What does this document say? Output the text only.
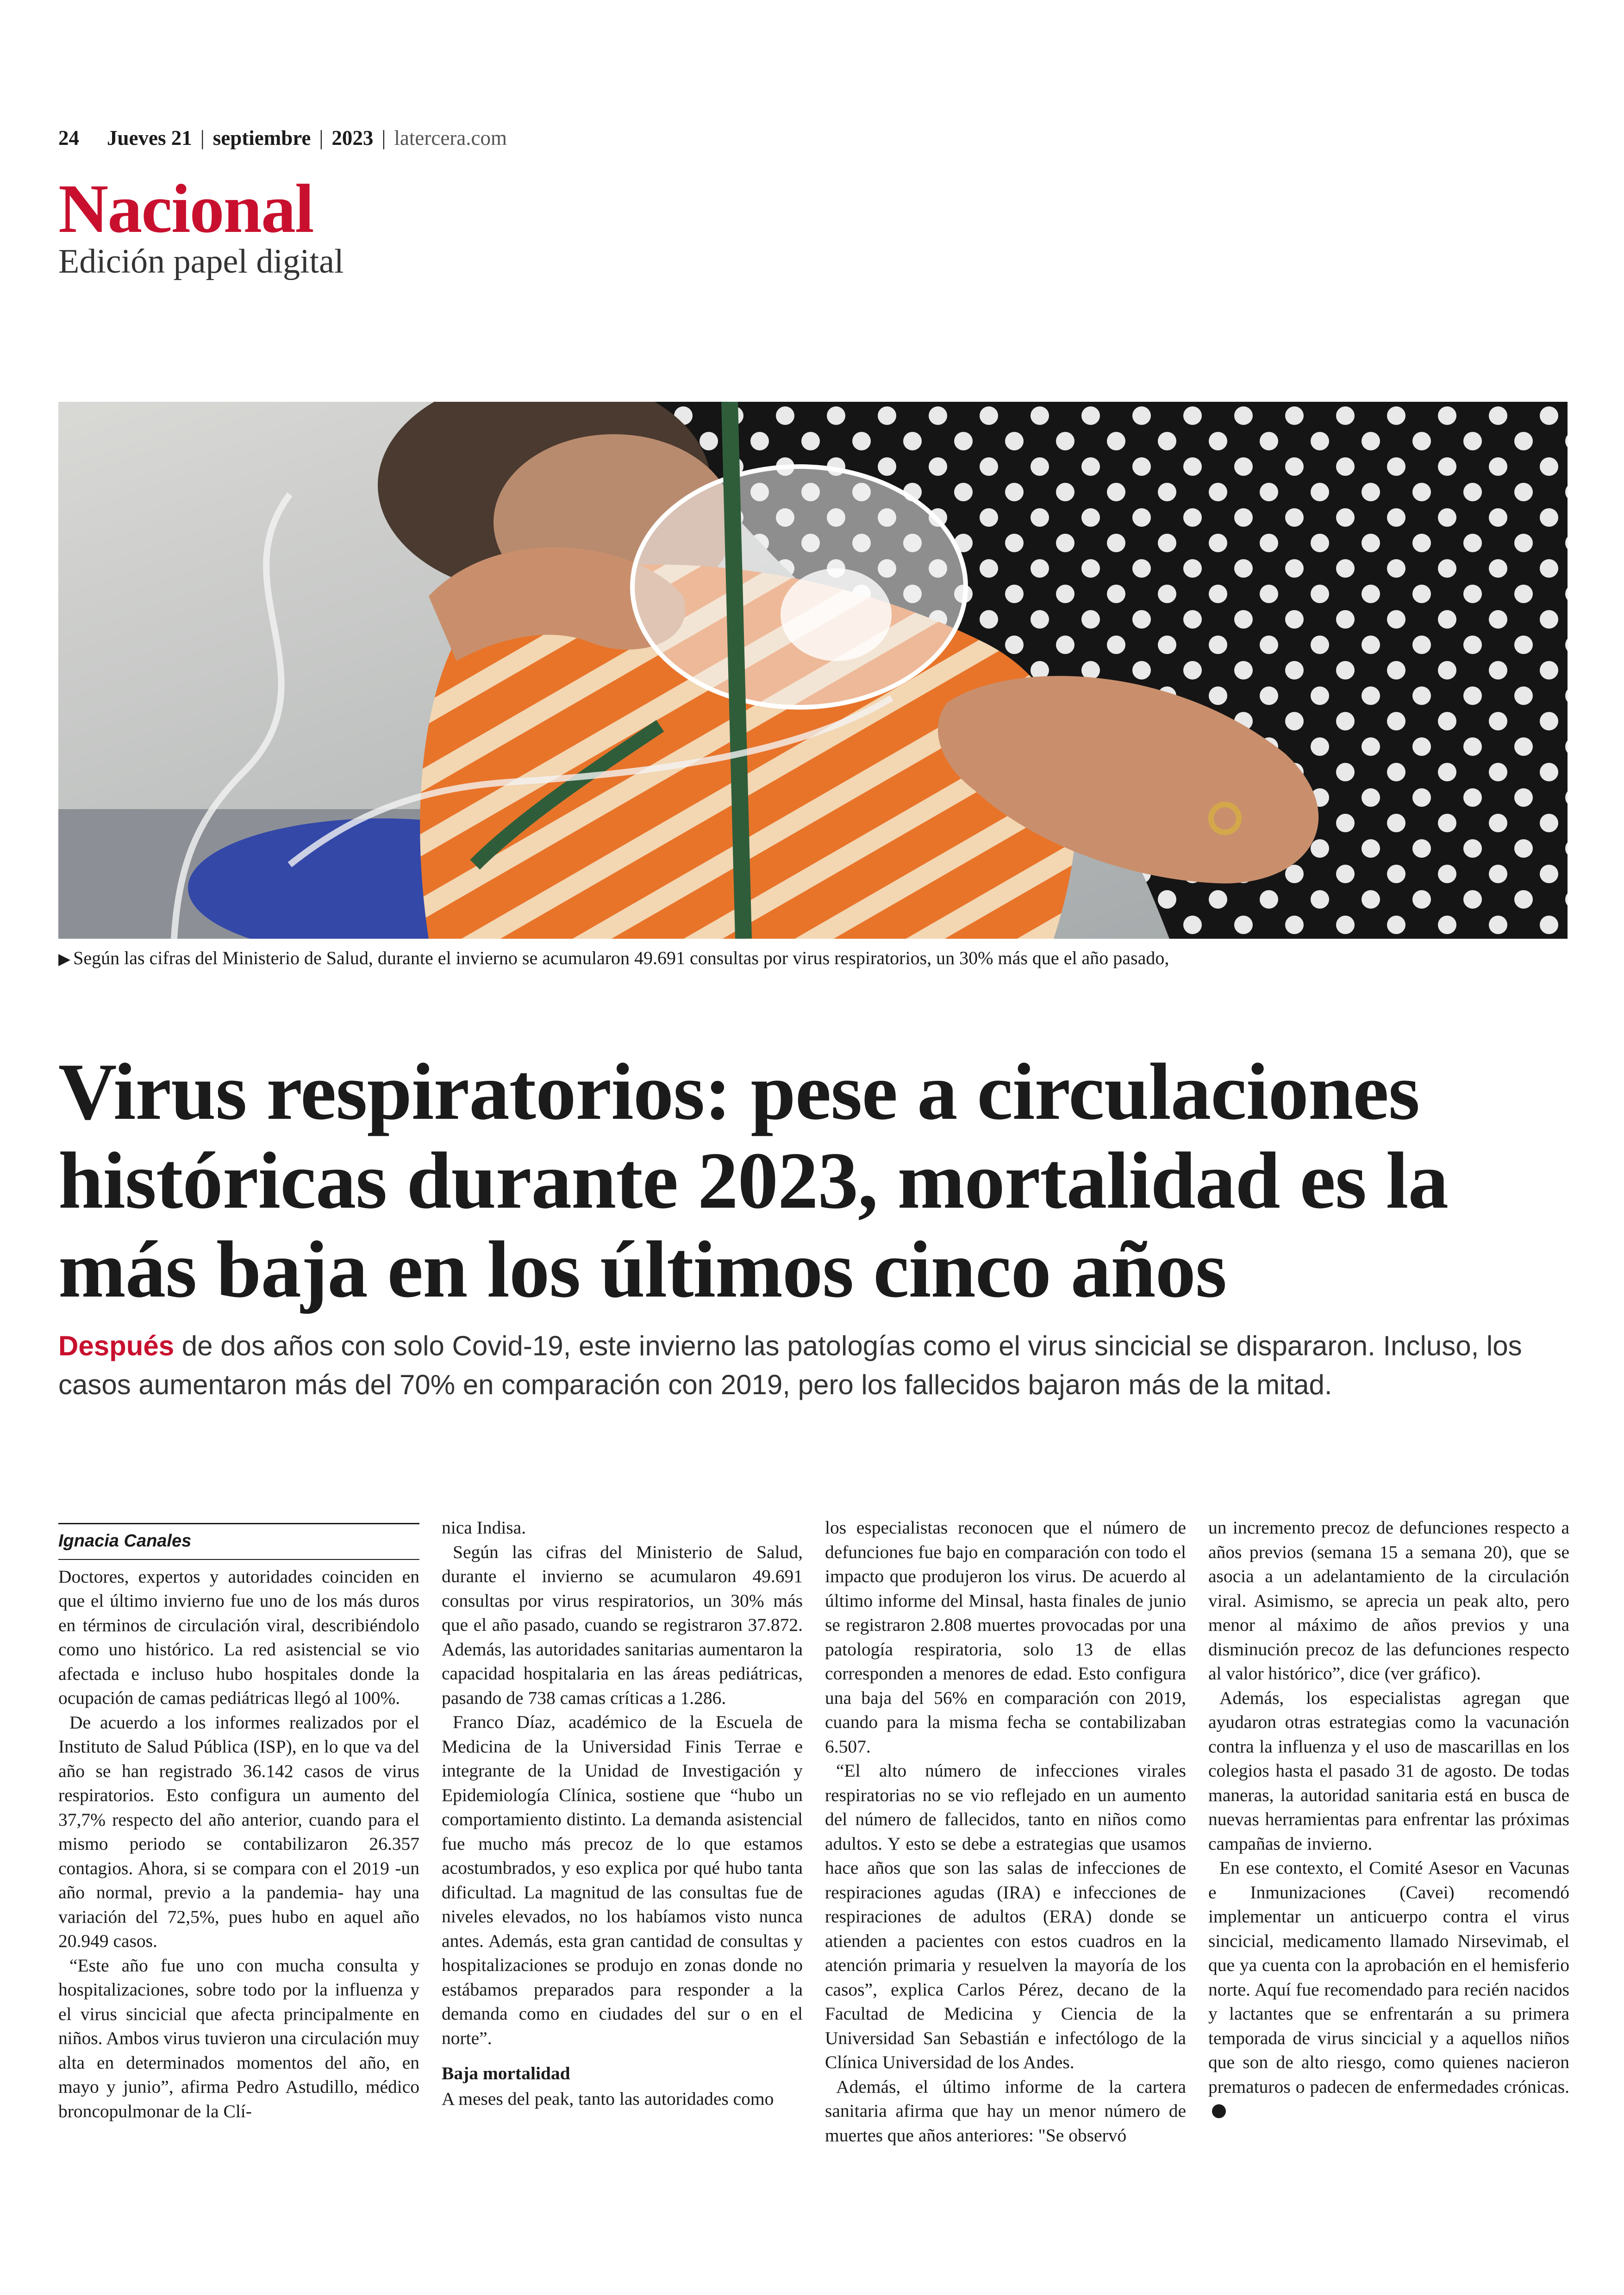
24 Jueves 21 | septiembre | 2023 | latercera.com
Nacional
Edición papel digital
▶ Según las cifras del Ministerio de Salud, durante el invierno se acumularon 49.691 consultas por virus respiratorios, un 30% más que el año pasado,
Virus respiratorios: pese a circulaciones históricas durante 2023, mortalidad es la más baja en los últimos cinco años
Después de dos años con solo Covid-19, este invierno las patologías como el virus sincicial se dispararon. Incluso, los casos aumentaron más del 70% en comparación con 2019, pero los fallecidos bajaron más de la mitad.
Ignacia Canales

Doctores, expertos y autoridades coinciden en que el último invierno fue uno de los más duros en términos de circulación viral, describiéndolo como uno histórico. La red asistencial se vio afectada e incluso hubo hospitales donde la ocupación de camas pediátricas llegó al 100%.

De acuerdo a los informes realizados por el Instituto de Salud Pública (ISP), en lo que va del año se han registrado 36.142 casos de virus respiratorios. Esto configura un aumento del 37,7% respecto del año anterior, cuando para el mismo periodo se contabilizaron 26.357 contagios. Ahora, si se compara con el 2019 -un año normal, previo a la pandemia- hay una variación del 72,5%, pues hubo en aquel año 20.949 casos.

“Este año fue uno con mucha consulta y hospitalizaciones, sobre todo por la influenza y el virus sincicial que afecta principalmente en niños. Ambos virus tuvieron una circulación muy alta en determinados momentos del año, en mayo y junio”, afirma Pedro Astudillo, médico broncopulmonar de la Clí-

nica Indisa.

Según las cifras del Ministerio de Salud, durante el invierno se acumularon 49.691 consultas por virus respiratorios, un 30% más que el año pasado, cuando se registraron 37.872. Además, las autoridades sanitarias aumentaron la capacidad hospitalaria en las áreas pediátricas, pasando de 738 camas críticas a 1.286.

Franco Díaz, académico de la Escuela de Medicina de la Universidad Finis Terrae e integrante de la Unidad de Investigación y Epidemiología Clínica, sostiene que “hubo un comportamiento distinto. La demanda asistencial fue mucho más precoz de lo que estamos acostumbrados, y eso explica por qué hubo tanta dificultad. La magnitud de las consultas fue de niveles elevados, no los habíamos visto nunca antes. Además, esta gran cantidad de consultas y hospitalizaciones se produjo en zonas donde no estábamos preparados para responder a la demanda como en ciudades del sur o en el norte”.

Baja mortalidad

A meses del peak, tanto las autoridades como

los especialistas reconocen que el número de defunciones fue bajo en comparación con todo el impacto que produjeron los virus. De acuerdo al último informe del Minsal, hasta finales de junio se registraron 2.808 muertes provocadas por una patología respiratoria, solo 13 de ellas corresponden a menores de edad. Esto configura una baja del 56% en comparación con 2019, cuando para la misma fecha se contabilizaban 6.507.

“El alto número de infecciones virales respiratorias no se vio reflejado en un aumento del número de fallecidos, tanto en niños como adultos. Y esto se debe a estrategias que usamos hace años que son las salas de infecciones de respiraciones agudas (IRA) e infecciones de respiraciones de adultos (ERA) donde se atienden a pacientes con estos cuadros en la atención primaria y resuelven la mayoría de los casos”, explica Carlos Pérez, decano de la Facultad de Medicina y Ciencia de la Universidad San Sebastián e infectólogo de la Clínica Universidad de los Andes.

Además, el último informe de la cartera sanitaria afirma que hay un menor número de muertes que años anteriores: "Se observó

un incremento precoz de defunciones respecto a años previos (semana 15 a semana 20), que se asocia a un adelantamiento de la circulación viral. Asimismo, se aprecia un peak alto, pero menor al máximo de años previos y una disminución precoz de las defunciones respecto al valor histórico”, dice (ver gráfico).

Además, los especialistas agregan que ayudaron otras estrategias como la vacunación contra la influenza y el uso de mascarillas en los colegios hasta el pasado 31 de agosto. De todas maneras, la autoridad sanitaria está en busca de nuevas herramientas para enfrentar las próximas campañas de invierno.

En ese contexto, el Comité Asesor en Vacunas e Inmunizaciones (Cavei) recomendó implementar un anticuerpo contra el virus sincicial, medicamento llamado Nirsevimab, el que ya cuenta con la aprobación en el hemisferio norte. Aquí fue recomendado para recién nacidos y lactantes que se enfrentarán a su primera temporada de virus sincicial y a aquellos niños que son de alto riesgo, como quienes nacieron prematuros o padecen de enfermedades crónicas.
